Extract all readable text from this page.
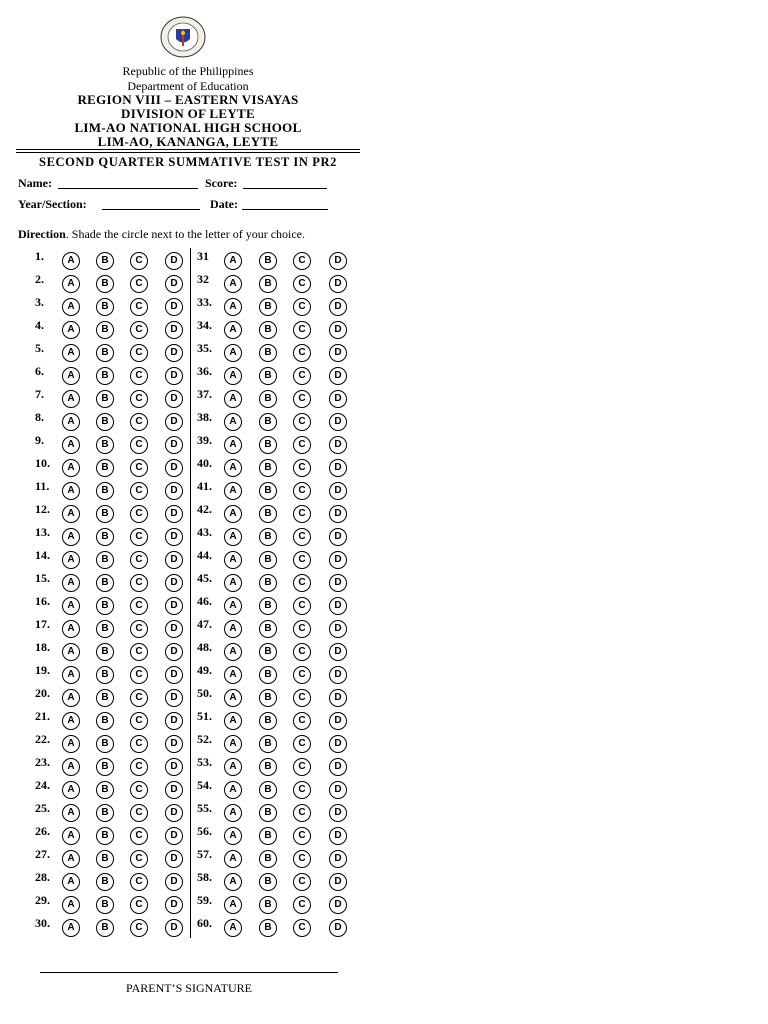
Republic of the Philippines
Department of Education
REGION VIII – EASTERN VISAYAS
DIVISION OF LEYTE
LIM-AO NATIONAL HIGH SCHOOL
LIM-AO, KANANGA, LEYTE
SECOND QUARTER SUMMATIVE TEST IN PR2
Name:	Score:
Year/Section:	Date:
Direction. Shade the circle next to the letter of your choice.
1.	A	B	C	D
2.	A	B	C	D
3.	A	B	C	D
4.	A	B	C	D
5.	A	B	C	D
6.	A	B	C	D
7.	A	B	C	D
8.	A	B	C	D
9.	A	B	C	D
10.	A	B	C	D
11.	A	B	C	D
12.	A	B	C	D
13.	A	B	C	D
14.	A	B	C	D
15.	A	B	C	D
16.	A	B	C	D
17.	A	B	C	D
18.	A	B	C	D
19.	A	B	C	D
20.	A	B	C	D
21.	A	B	C	D
22.	A	B	C	D
23.	A	B	C	D
24.	A	B	C	D
25.	A	B	C	D
26.	A	B	C	D
27.	A	B	C	D
28.	A	B	C	D
29.	A	B	C	D
30.	A	B	C	D
31	A	B	C	D
32	A	B	C	D
33.	A	B	C	D
34.	A	B	C	D
35.	A	B	C	D
36.	A	B	C	D
37.	A	B	C	D
38.	A	B	C	D
39.	A	B	C	D
40.	A	B	C	D
41.	A	B	C	D
42.	A	B	C	D
43.	A	B	C	D
44.	A	B	C	D
45.	A	B	C	D
46.	A	B	C	D
47.	A	B	C	D
48.	A	B	C	D
49.	A	B	C	D
50.	A	B	C	D
51.	A	B	C	D
52.	A	B	C	D
53.	A	B	C	D
54.	A	B	C	D
55.	A	B	C	D
56.	A	B	C	D
57.	A	B	C	D
58.	A	B	C	D
59.	A	B	C	D
60.	A	B	C	D
PARENT’S SIGNATURE
